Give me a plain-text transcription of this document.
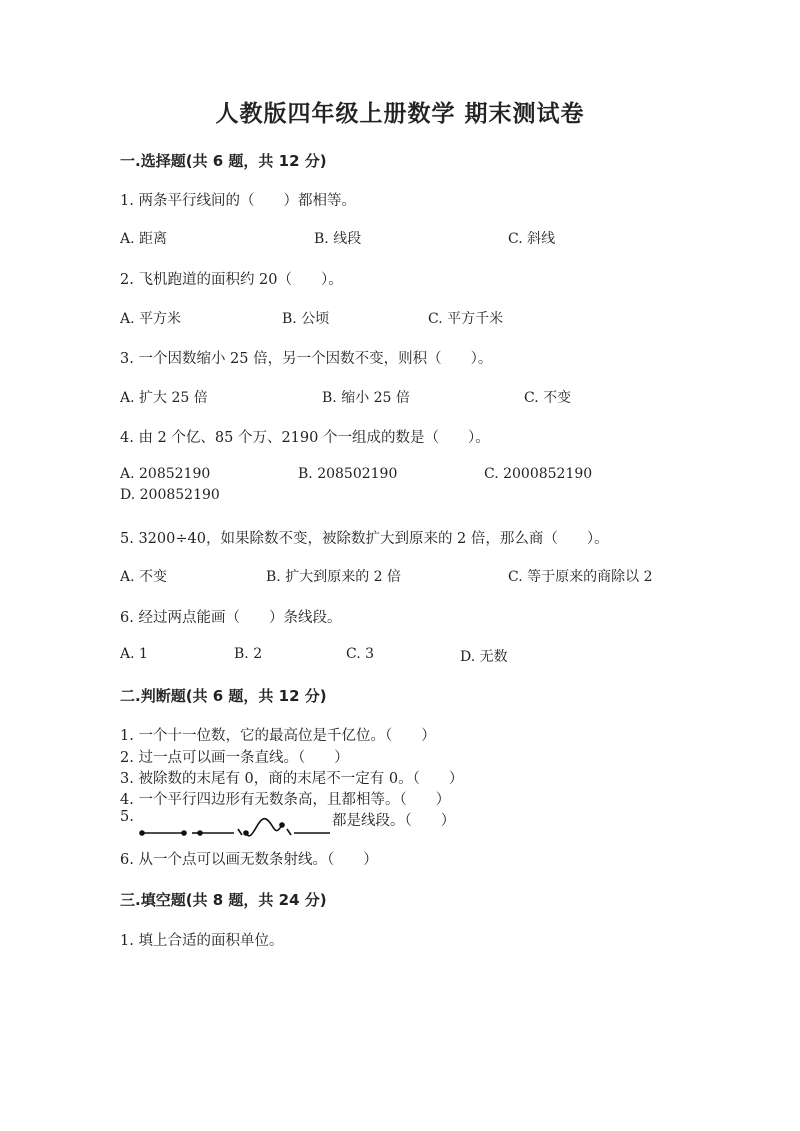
人教版四年级上册数学 期末测试卷
一.选择题(共 6 题，共 12 分)
1. 两条平行线间的（　　）都相等。
A. 距离	B. 线段	C. 斜线
2. 飞机跑道的面积约 20（　　）。
A. 平方米	B. 公顷	C. 平方千米
3. 一个因数缩小 25 倍，另一个因数不变，则积（　　）。
A. 扩大 25 倍	B. 缩小 25 倍	C. 不变
4. 由 2 个亿、85 个万、2190 个一组成的数是（　　）。
A. 20852190	B. 208502190	C. 2000852190
D. 200852190
5. 3200÷40，如果除数不变，被除数扩大到原来的 2 倍，那么商（　　）。
A. 不变	B. 扩大到原来的 2 倍	C. 等于原来的商除以 2
6. 经过两点能画（　　）条线段。
A. 1	B. 2	C. 3	D. 无数
二.判断题(共 6 题，共 12 分)
1. 一个十一位数，它的最高位是千亿位。（　　）
2. 过一点可以画一条直线。（　　）
3. 被除数的末尾有 0，商的末尾不一定有 0。（　　）
4. 一个平行四边形有无数条高，且都相等。（　　）
5.	都是线段。（　　）
6. 从一个点可以画无数条射线。（　　）
三.填空题(共 8 题，共 24 分)
1. 填上合适的面积单位。
